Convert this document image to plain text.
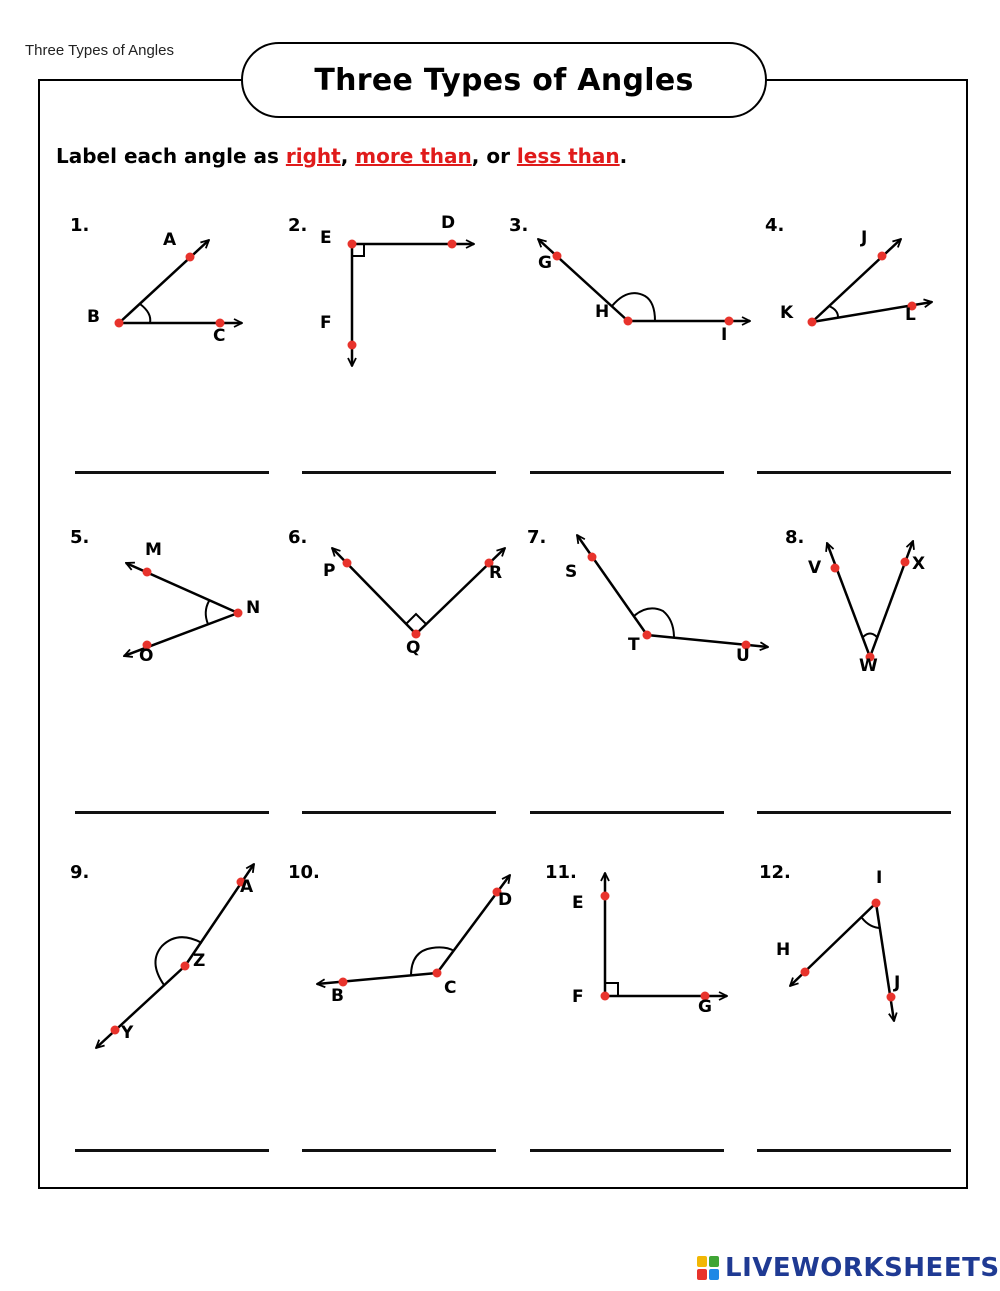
Three Types of Angles
Three Types of Angles
Label each angle as right, more than, or less than.
1.	2.	3.	4.
5.	6.	7.	8.
9.	10.	11.	12.
A
B
C
D
E
F
G
H
I
J
K	L
M
N
O
P
Q
R	S
T
U
V
W
X
A
Z
Y
D
C
B
E
F	G
I
H
J
LIVEWORKSHEETS
